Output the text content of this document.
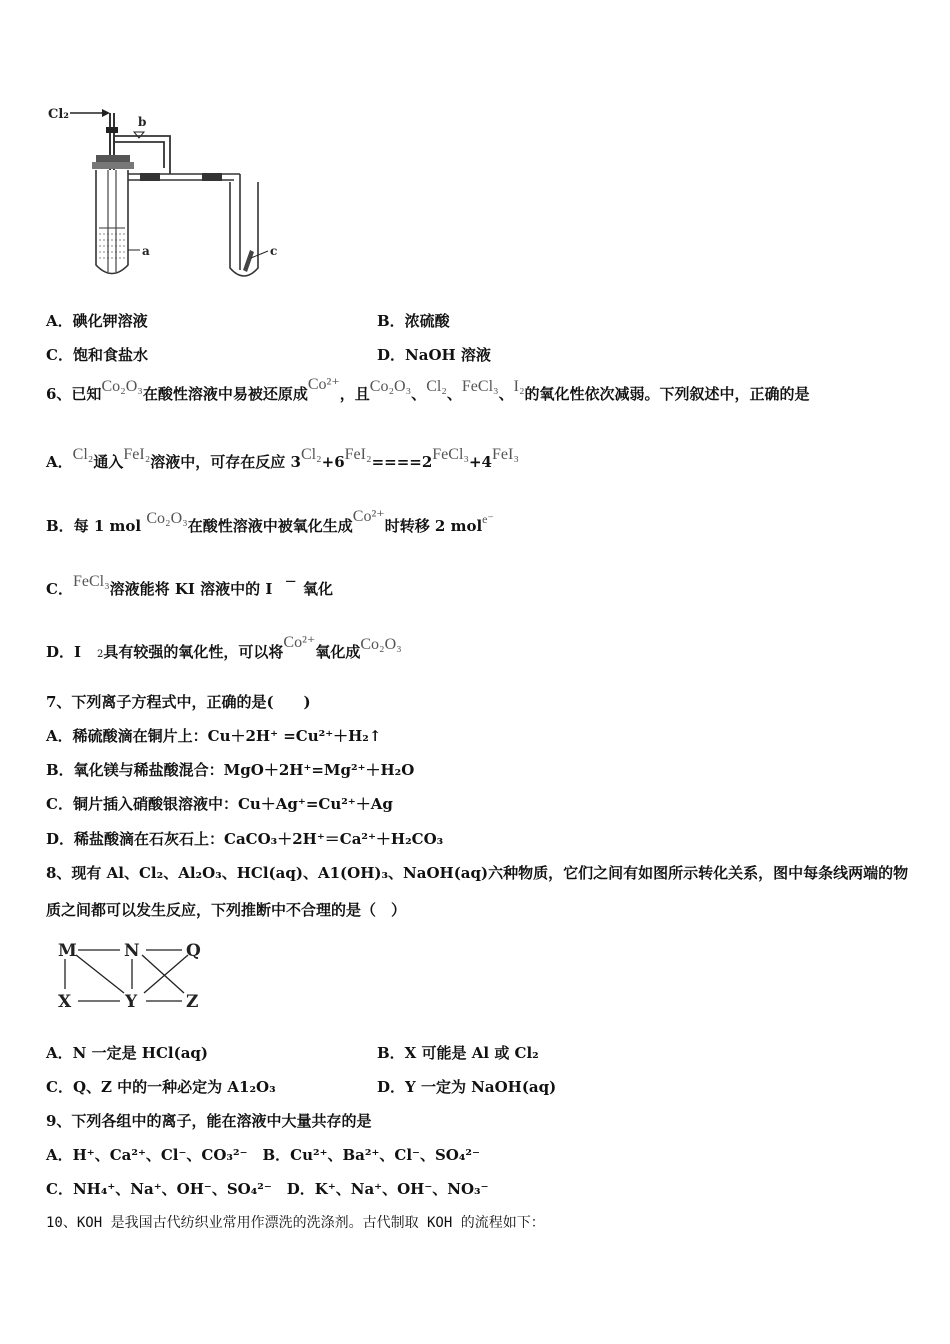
Cl₂	b
a	c
A．碘化钾溶液	B．浓硫酸
C．饱和食盐水	D．NaOH 溶液
6、已知Co₂O₃在酸性溶液中易被还原成Co²⁺，且Co₂O₃、Cl₂、FeCl₃、I₂的氧化性依次减弱。下列叙述中，正确的是
A．Cl₂通入FeI₂溶液中，可存在反应 3Cl₂+6FeI₂====2FeCl₃+4FeI₃
B．每 1 mol Co₂O₃在酸性溶液中被氧化生成Co²⁺时转移 2 mol$^{e^-}$
C．FeCl₃溶液能将 KI 溶液中的 I − 氧化
D．I 2具有较强的氧化性，可以将Co²⁺氧化成Co₂O₃
7、下列离子方程式中，正确的是(　　)
A．稀硫酸滴在铜片上：Cu＋2H⁺ =Cu²⁺＋H₂↑
B．氧化镁与稀盐酸混合：MgO＋2H⁺=Mg²⁺＋H₂O
C．铜片插入硝酸银溶液中：Cu＋Ag⁺=Cu²⁺＋Ag
D．稀盐酸滴在石灰石上：CaCO₃＋2H⁺＝Ca²⁺＋H₂CO₃
8、现有 Al、Cl₂、Al₂O₃、HCl(aq)、A1(OH)₃、NaOH(aq)六种物质，它们之间有如图所示转化关系，图中每条线两端的物
质之间都可以发生反应，下列推断中不合理的是（　）
M	N	Q
X	Y	Z
A．N 一定是 HCl(aq)	B．X 可能是 Al 或 Cl₂
C．Q、Z 中的一种必定为 A1₂O₃	D．Y 一定为 NaOH(aq)
9、下列各组中的离子，能在溶液中大量共存的是
A．H⁺、Ca²⁺、Cl⁻、CO₃²⁻　B．Cu²⁺、Ba²⁺、Cl⁻、SO₄²⁻
C．NH₄⁺、Na⁺、OH⁻、SO₄²⁻　D．K⁺、Na⁺、OH⁻、NO₃⁻
10、KOH 是我国古代纺织业常用作漂洗的洗涤剂。古代制取 KOH 的流程如下：
